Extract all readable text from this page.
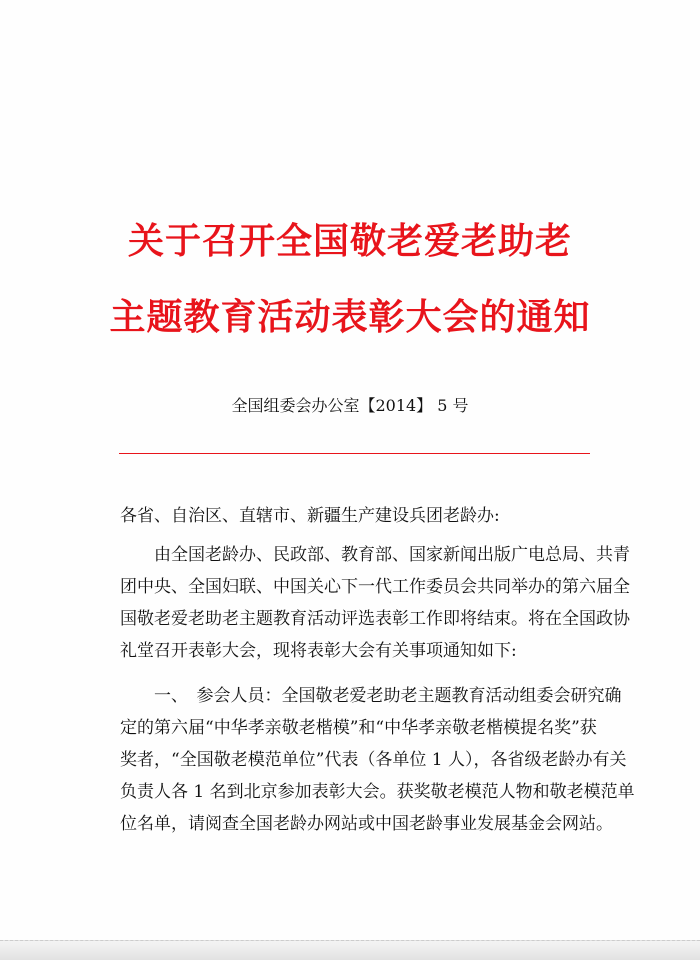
关于召开全国敬老爱老助老
主题教育活动表彰大会的通知
全国组委会办公室【2014】 5 号
各省、自治区、直辖市、新疆生产建设兵团老龄办:
由全国老龄办、民政部、教育部、国家新闻出版广电总局、共青
团中央、全国妇联、中国关心下一代工作委员会共同举办的第六届全
国敬老爱老助老主题教育活动评选表彰工作即将结束。将在全国政协
礼堂召开表彰大会，现将表彰大会有关事项通知如下:
一、　参会人员：全国敬老爱老助老主题教育活动组委会研究确
定的第六届“中华孝亲敬老楷模”和“中华孝亲敬老楷模提名奖”获
奖者，“全国敬老模范单位”代表（各单位 1 人），各省级老龄办有关
负责人各 1 名到北京参加表彰大会。获奖敬老模范人物和敬老模范单
位名单，请阅查全国老龄办网站或中国老龄事业发展基金会网站。
